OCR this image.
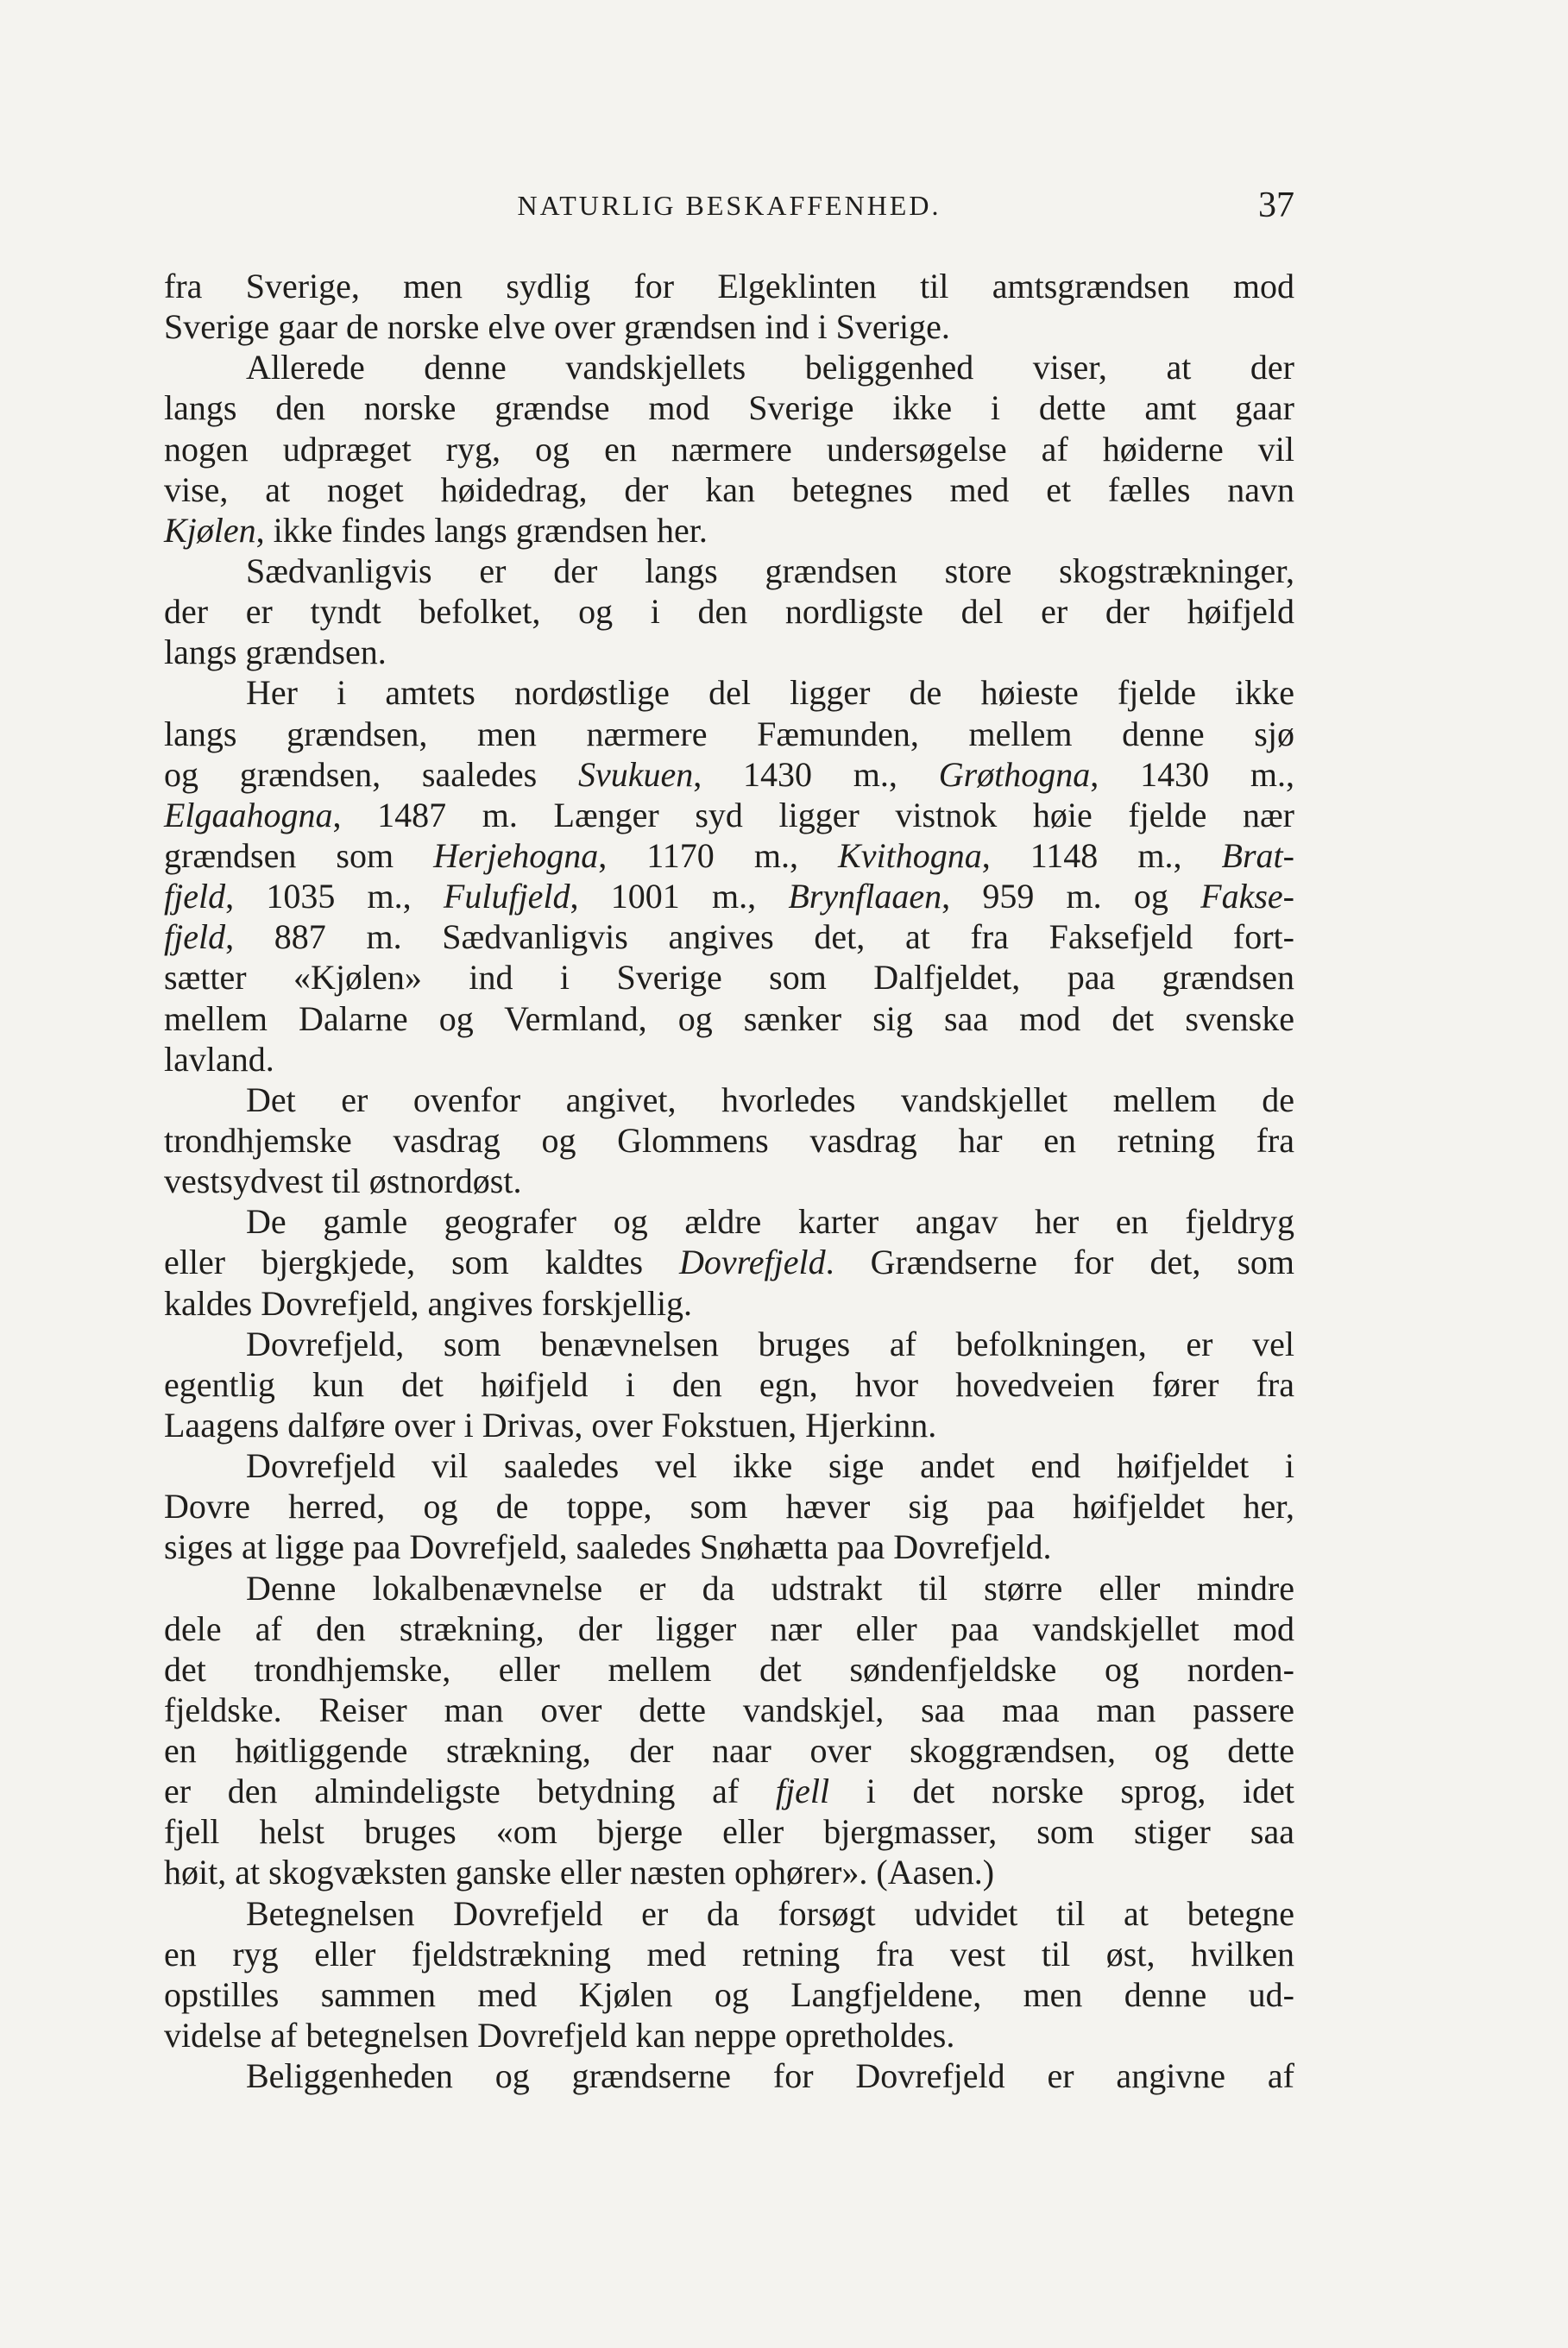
NATURLIG BESKAFFENHED.	37
fra Sverige, men sydlig for Elgeklinten til amtsgrændsen mod
Sverige gaar de norske elve over grændsen ind i Sverige.
Allerede denne vandskjellets beliggenhed viser, at der
langs den norske grændse mod Sverige ikke i dette amt gaar
nogen udpræget ryg, og en nærmere undersøgelse af høiderne vil
vise, at noget høidedrag, der kan betegnes med et fælles navn
Kjølen, ikke findes langs grændsen her.
Sædvanligvis er der langs grændsen store skogstrækninger,
der er tyndt befolket, og i den nordligste del er der høifjeld
langs grændsen.
Her i amtets nordøstlige del ligger de høieste fjelde ikke
langs grændsen, men nærmere Fæmunden, mellem denne sjø
og grændsen, saaledes Svukuen, 1430 m., Grøthogna, 1430 m.,
Elgaahogna, 1487 m. Længer syd ligger vistnok høie fjelde nær
grændsen som Herjehogna, 1170 m., Kvithogna, 1148 m., Brat-
fjeld, 1035 m., Fulufjeld, 1001 m., Brynflaaen, 959 m. og Fakse-
fjeld, 887 m. Sædvanligvis angives det, at fra Faksefjeld fort-
sætter «Kjølen» ind i Sverige som Dalfjeldet, paa grændsen
mellem Dalarne og Vermland, og sænker sig saa mod det svenske
lavland.
Det er ovenfor angivet, hvorledes vandskjellet mellem de
trondhjemske vasdrag og Glommens vasdrag har en retning fra
vestsydvest til østnordøst.
De gamle geografer og ældre karter angav her en fjeldryg
eller bjergkjede, som kaldtes Dovrefjeld. Grændserne for det, som
kaldes Dovrefjeld, angives forskjellig.
Dovrefjeld, som benævnelsen bruges af befolkningen, er vel
egentlig kun det høifjeld i den egn, hvor hovedveien fører fra
Laagens dalføre over i Drivas, over Fokstuen, Hjerkinn.
Dovrefjeld vil saaledes vel ikke sige andet end høifjeldet i
Dovre herred, og de toppe, som hæver sig paa høifjeldet her,
siges at ligge paa Dovrefjeld, saaledes Snøhætta paa Dovrefjeld.
Denne lokalbenævnelse er da udstrakt til større eller mindre
dele af den strækning, der ligger nær eller paa vandskjellet mod
det trondhjemske, eller mellem det søndenfjeldske og norden-
fjeldske. Reiser man over dette vandskjel, saa maa man passere
en høitliggende strækning, der naar over skoggrændsen, og dette
er den almindeligste betydning af fjell i det norske sprog, idet
fjell helst bruges «om bjerge eller bjergmasser, som stiger saa
høit, at skogvæksten ganske eller næsten ophører». (Aasen.)
Betegnelsen Dovrefjeld er da forsøgt udvidet til at betegne
en ryg eller fjeldstrækning med retning fra vest til øst, hvilken
opstilles sammen med Kjølen og Langfjeldene, men denne ud-
videlse af betegnelsen Dovrefjeld kan neppe opretholdes.
Beliggenheden og grændserne for Dovrefjeld er angivne af
